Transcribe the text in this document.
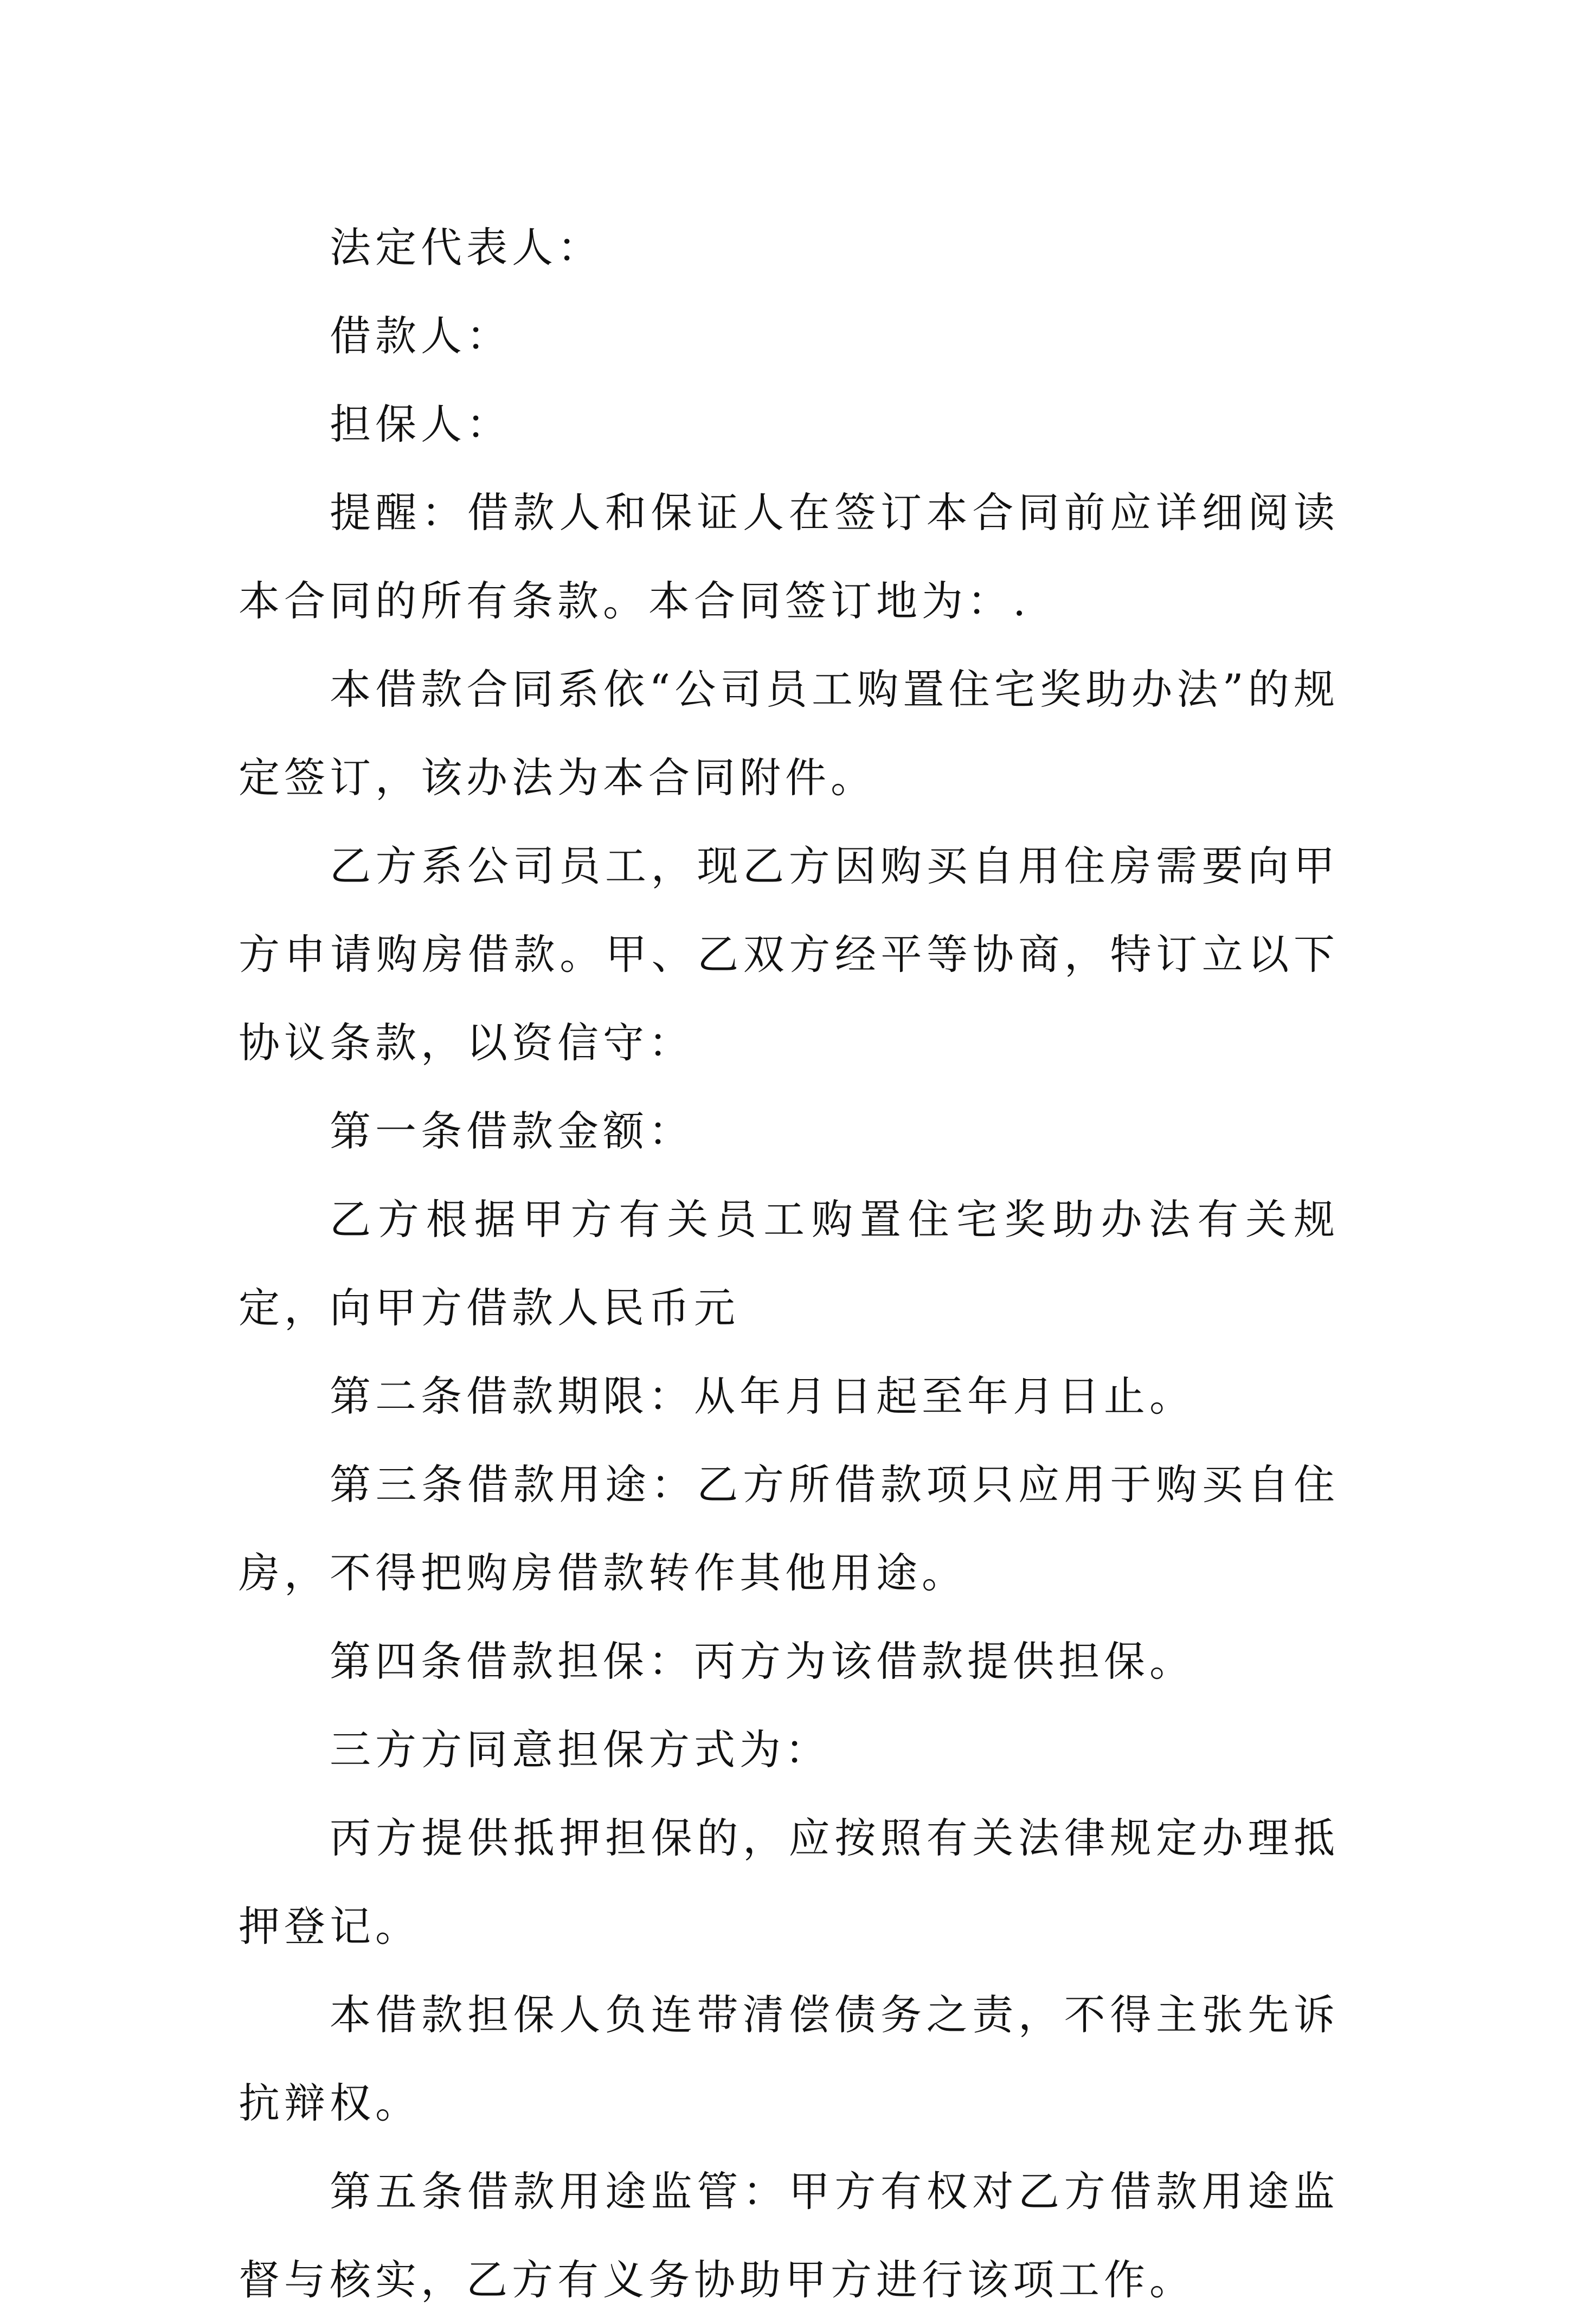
法定代表人：

借款人：

担保人：

提醒：借款人和保证人在签订本合同前应详细阅读本合同的所有条款。本合同签订地为：.

本借款合同系依“公司员工购置住宅奖助办法”的规定签订，该办法为本合同附件。

乙方系公司员工，现乙方因购买自用住房需要向甲方申请购房借款。甲、乙双方经平等协商，特订立以下协议条款，以资信守：

第一条借款金额：

乙方根据甲方有关员工购置住宅奖助办法有关规定，向甲方借款人民币元

第二条借款期限：从年月日起至年月日止。

第三条借款用途：乙方所借款项只应用于购买自住房，不得把购房借款转作其他用途。

第四条借款担保：丙方为该借款提供担保。

三方方同意担保方式为：

丙方提供抵押担保的，应按照有关法律规定办理抵押登记。

本借款担保人负连带清偿债务之责，不得主张先诉抗辩权。

第五条借款用途监管：甲方有权对乙方借款用途监督与核实，乙方有义务协助甲方进行该项工作。
